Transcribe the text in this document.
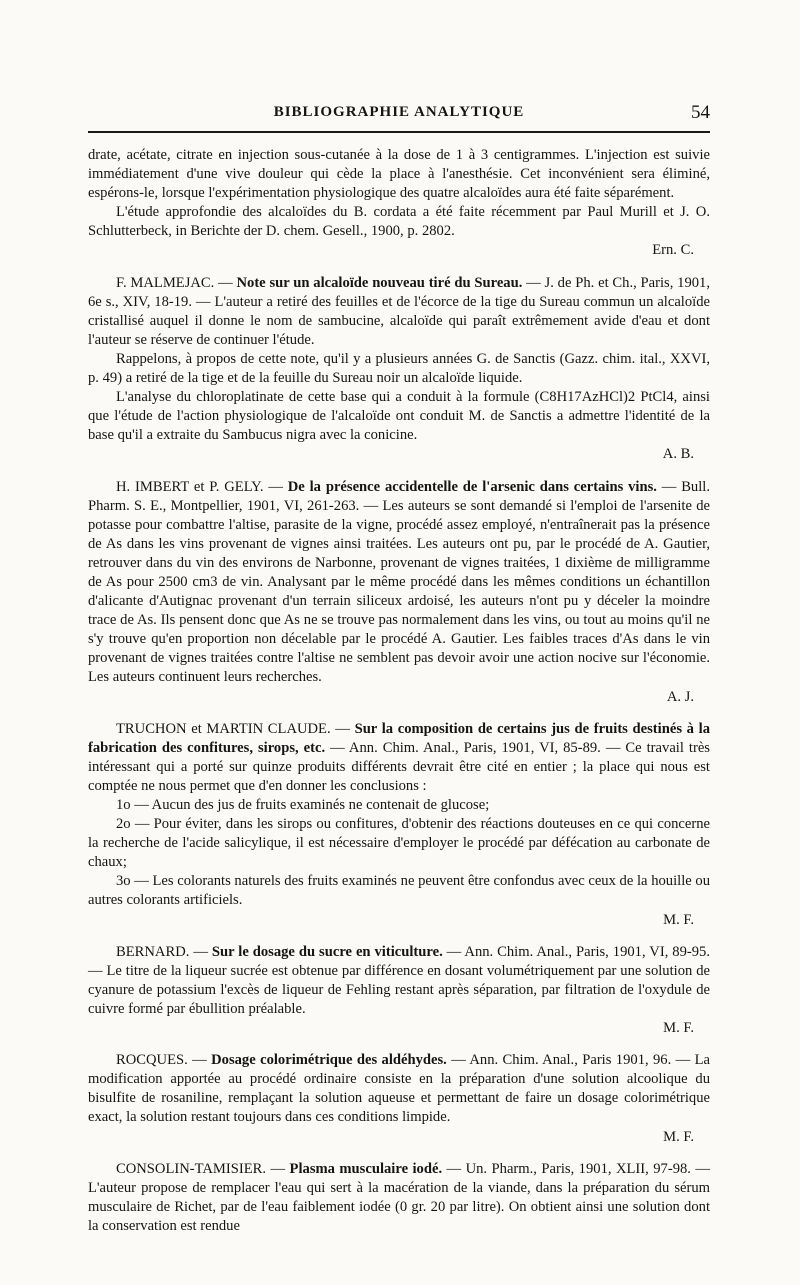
BIBLIOGRAPHIE ANALYTIQUE	54

drate, acétate, citrate en injection sous-cutanée à la dose de 1 à 3 centigrammes. L'injection est suivie immédiatement d'une vive douleur qui cède la place à l'anesthésie. Cet inconvénient sera éliminé, espérons-le, lorsque l'expérimentation physiologique des quatre alcaloïdes aura été faite séparément.

L'étude approfondie des alcaloïdes du B. cordata a été faite récemment par Paul Murill et J. O. Schlutterbeck, in Berichte der D. chem. Gesell., 1900, p. 2802.

Ern. C.

F. MALMEJAC. — Note sur un alcaloïde nouveau tiré du Sureau. — J. de Ph. et Ch., Paris, 1901, 6e s., XIV, 18-19. — L'auteur a retiré des feuilles et de l'écorce de la tige du Sureau commun un alcaloïde cristallisé auquel il donne le nom de sambucine, alcaloïde qui paraît extrêmement avide d'eau et dont l'auteur se réserve de continuer l'étude.

Rappelons, à propos de cette note, qu'il y a plusieurs années G. de Sanctis (Gazz. chim. ital., XXVI, p. 49) a retiré de la tige et de la feuille du Sureau noir un alcaloïde liquide.

L'analyse du chloroplatinate de cette base qui a conduit à la formule (C8H17AzHCl)2 PtCl4, ainsi que l'étude de l'action physiologique de l'alcaloïde ont conduit M. de Sanctis a admettre l'identité de la base qu'il a extraite du Sambucus nigra avec la conicine.

A. B.

H. IMBERT et P. GELY. — De la présence accidentelle de l'arsenic dans certains vins. — Bull. Pharm. S. E., Montpellier, 1901, VI, 261-263. — Les auteurs se sont demandé si l'emploi de l'arsenite de potasse pour combattre l'altise, parasite de la vigne, procédé assez employé, n'entraînerait pas la présence de As dans les vins provenant de vignes ainsi traitées. Les auteurs ont pu, par le procédé de A. Gautier, retrouver dans du vin des environs de Narbonne, provenant de vignes traitées, 1 dixième de milligramme de As pour 2500 cm3 de vin. Analysant par le même procédé dans les mêmes conditions un échantillon d'alicante d'Autignac provenant d'un terrain siliceux ardoisé, les auteurs n'ont pu y déceler la moindre trace de As. Ils pensent donc que As ne se trouve pas normalement dans les vins, ou tout au moins qu'il ne s'y trouve qu'en proportion non décelable par le procédé A. Gautier. Les faibles traces d'As dans le vin provenant de vignes traitées contre l'altise ne semblent pas devoir avoir une action nocive sur l'économie. Les auteurs continuent leurs recherches.

A. J.

TRUCHON et MARTIN CLAUDE. — Sur la composition de certains jus de fruits destinés à la fabrication des confitures, sirops, etc. — Ann. Chim. Anal., Paris, 1901, VI, 85-89. — Ce travail très intéressant qui a porté sur quinze produits différents devrait être cité en entier ; la place qui nous est comptée ne nous permet que d'en donner les conclusions :

1o — Aucun des jus de fruits examinés ne contenait de glucose;

2o — Pour éviter, dans les sirops ou confitures, d'obtenir des réactions douteuses en ce qui concerne la recherche de l'acide salicylique, il est nécessaire d'employer le procédé par défécation au carbonate de chaux;

3o — Les colorants naturels des fruits examinés ne peuvent être confondus avec ceux de la houille ou autres colorants artificiels.

M. F.

BERNARD. — Sur le dosage du sucre en viticulture. — Ann. Chim. Anal., Paris, 1901, VI, 89-95. — Le titre de la liqueur sucrée est obtenue par différence en dosant volumétriquement par une solution de cyanure de potassium l'excès de liqueur de Fehling restant après séparation, par filtration de l'oxydule de cuivre formé par ébullition préalable.

M. F.

ROCQUES. — Dosage colorimétrique des aldéhydes. — Ann. Chim. Anal., Paris 1901, 96. — La modification apportée au procédé ordinaire consiste en la préparation d'une solution alcoolique du bisulfite de rosaniline, remplaçant la solution aqueuse et permettant de faire un dosage colorimétrique exact, la solution restant toujours dans ces conditions limpide.

M. F.

CONSOLIN-TAMISIER. — Plasma musculaire iodé. — Un. Pharm., Paris, 1901, XLII, 97-98. — L'auteur propose de remplacer l'eau qui sert à la macération de la viande, dans la préparation du sérum musculaire de Richet, par de l'eau faiblement iodée (0 gr. 20 par litre). On obtient ainsi une solution dont la conservation est rendue
